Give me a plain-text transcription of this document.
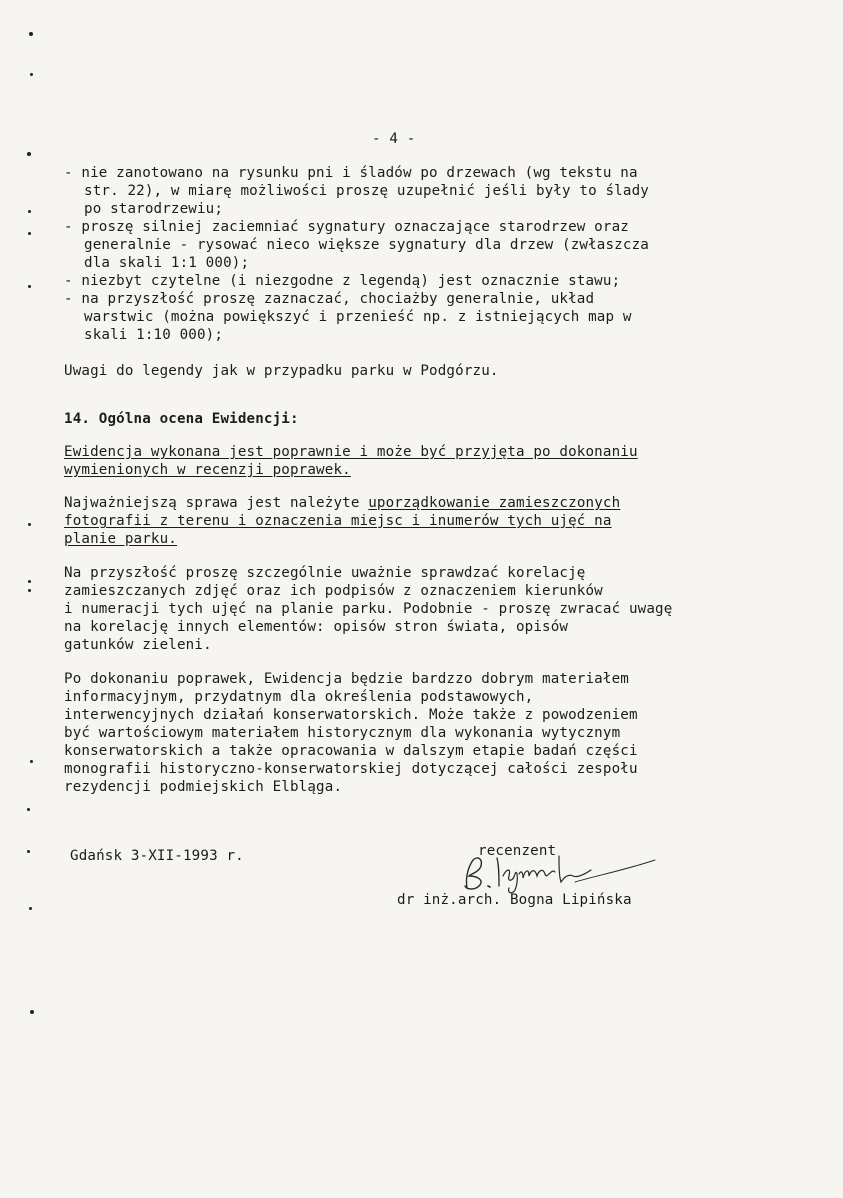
- 4 -
- nie zanotowano na rysunku pni i śladów po drzewach (wg tekstu na
str. 22), w miarę możliwości proszę uzupełnić jeśli były to ślady
po starodrzewiu;
- proszę silniej zaciemniać sygnatury oznaczające starodrzew oraz
generalnie - rysować nieco większe sygnatury dla drzew (zwłaszcza
dla skali 1:1 000);
- niezbyt czytelne (i niezgodne z legendą) jest oznacznie stawu;
- na przyszłość proszę zaznaczać, chociażby generalnie, układ
warstwic (można powiększyć i przenieść np. z istniejących map w
skali 1:10 000);
Uwagi do legendy jak w przypadku parku w Podgórzu.
14. Ogólna ocena Ewidencji:
Ewidencja wykonana jest poprawnie i może być przyjęta po dokonaniu
wymienionych w recenzji poprawek.
Najważniejszą sprawa jest należyte uporządkowanie zamieszczonych
fotografii z terenu i oznaczenia miejsc i inumerów tych ujęć na
planie parku.
Na przyszłość proszę szczególnie uważnie sprawdzać korelację
zamieszczanych zdjęć oraz ich podpisów z oznaczeniem kierunków
i numeracji tych ujęć na planie parku. Podobnie - proszę zwracać uwagę
na korelację innych elementów: opisów stron świata, opisów
gatunków zieleni.
Po dokonaniu poprawek, Ewidencja będzie bardzzo dobrym materiałem
informacyjnym, przydatnym dla określenia podstawowych,
interwencyjnych działań konserwatorskich. Może także z powodzeniem
być wartościowym materiałem historycznym dla wykonania wytycznym
konserwatorskich a także opracowania w dalszym etapie badań części
monografii historyczno-konserwatorskiej dotyczącej całości zespołu
rezydencji podmiejskich Elbląga.
Gdańsk 3-XII-1993 r.	recenzent
dr inż.arch. Bogna Lipińska
